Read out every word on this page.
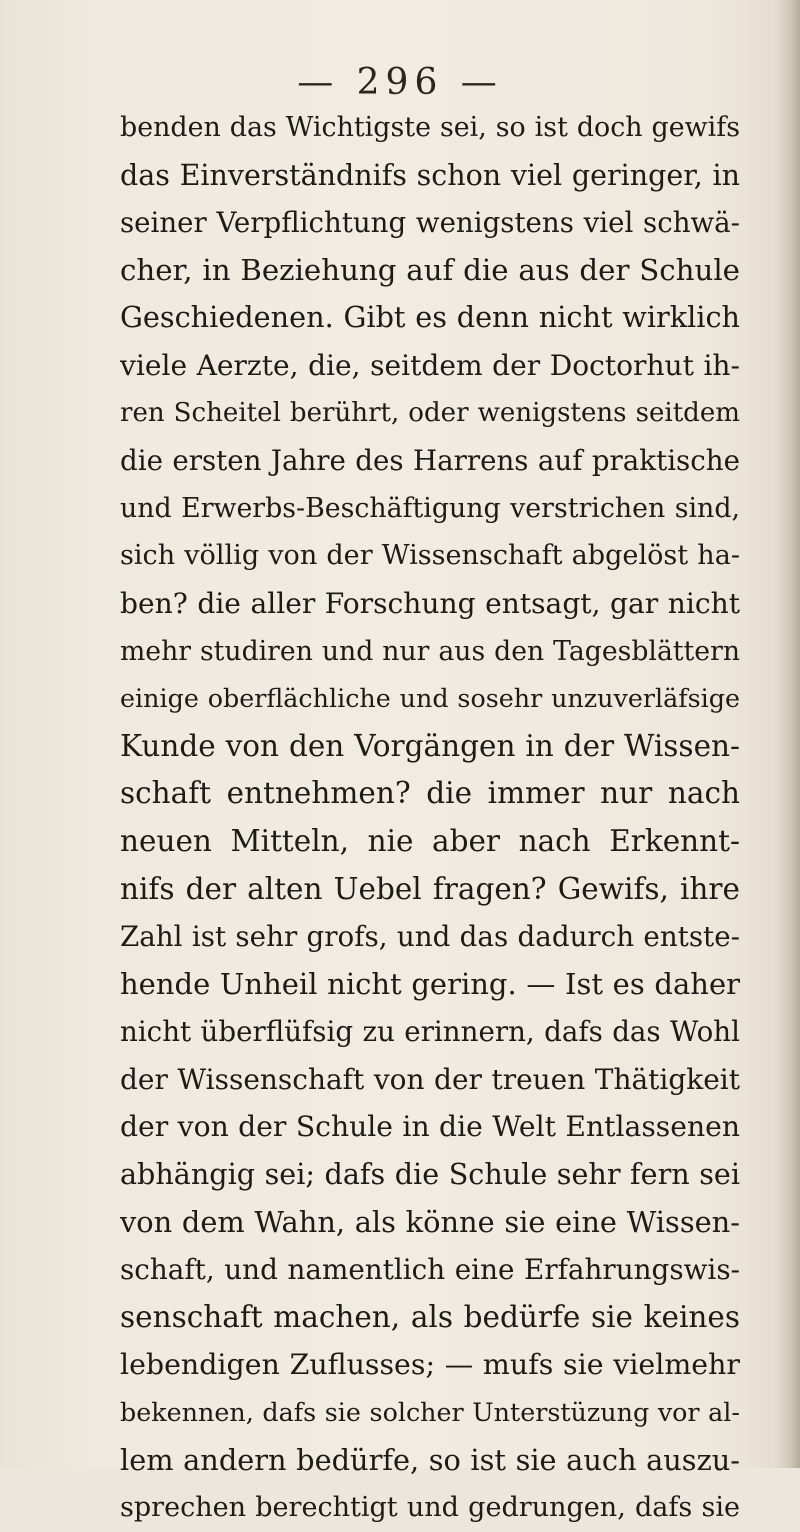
— 296 —
benden das Wichtigste sei, so ist doch gewifs
das Einverständnifs schon viel geringer, in
seiner Verpflichtung wenigstens viel schwä-
cher, in Beziehung auf die aus der Schule
Geschiedenen. Gibt es denn nicht wirklich
viele Aerzte, die, seitdem der Doctorhut ih-
ren Scheitel berührt, oder wenigstens seitdem
die ersten Jahre des Harrens auf praktische
und Erwerbs-Beschäftigung verstrichen sind,
sich völlig von der Wissenschaft abgelöst ha-
ben? die aller Forschung entsagt, gar nicht
mehr studiren und nur aus den Tagesblättern
einige oberflächliche und sosehr unzuverläfsige
Kunde von den Vorgängen in der Wissen-
schaft entnehmen? die immer nur nach
neuen Mitteln, nie aber nach Erkennt-
nifs der alten Uebel fragen? Gewifs, ihre
Zahl ist sehr grofs, und das dadurch entste-
hende Unheil nicht gering. — Ist es daher
nicht überflüfsig zu erinnern, dafs das Wohl
der Wissenschaft von der treuen Thätigkeit
der von der Schule in die Welt Entlassenen
abhängig sei; dafs die Schule sehr fern sei
von dem Wahn, als könne sie eine Wissen-
schaft, und namentlich eine Erfahrungswis-
senschaft machen, als bedürfe sie keines
lebendigen Zuflusses; — mufs sie vielmehr
bekennen, dafs sie solcher Unterstüzung vor al-
lem andern bedürfe, so ist sie auch auszu-
sprechen berechtigt und gedrungen, dafs sie
